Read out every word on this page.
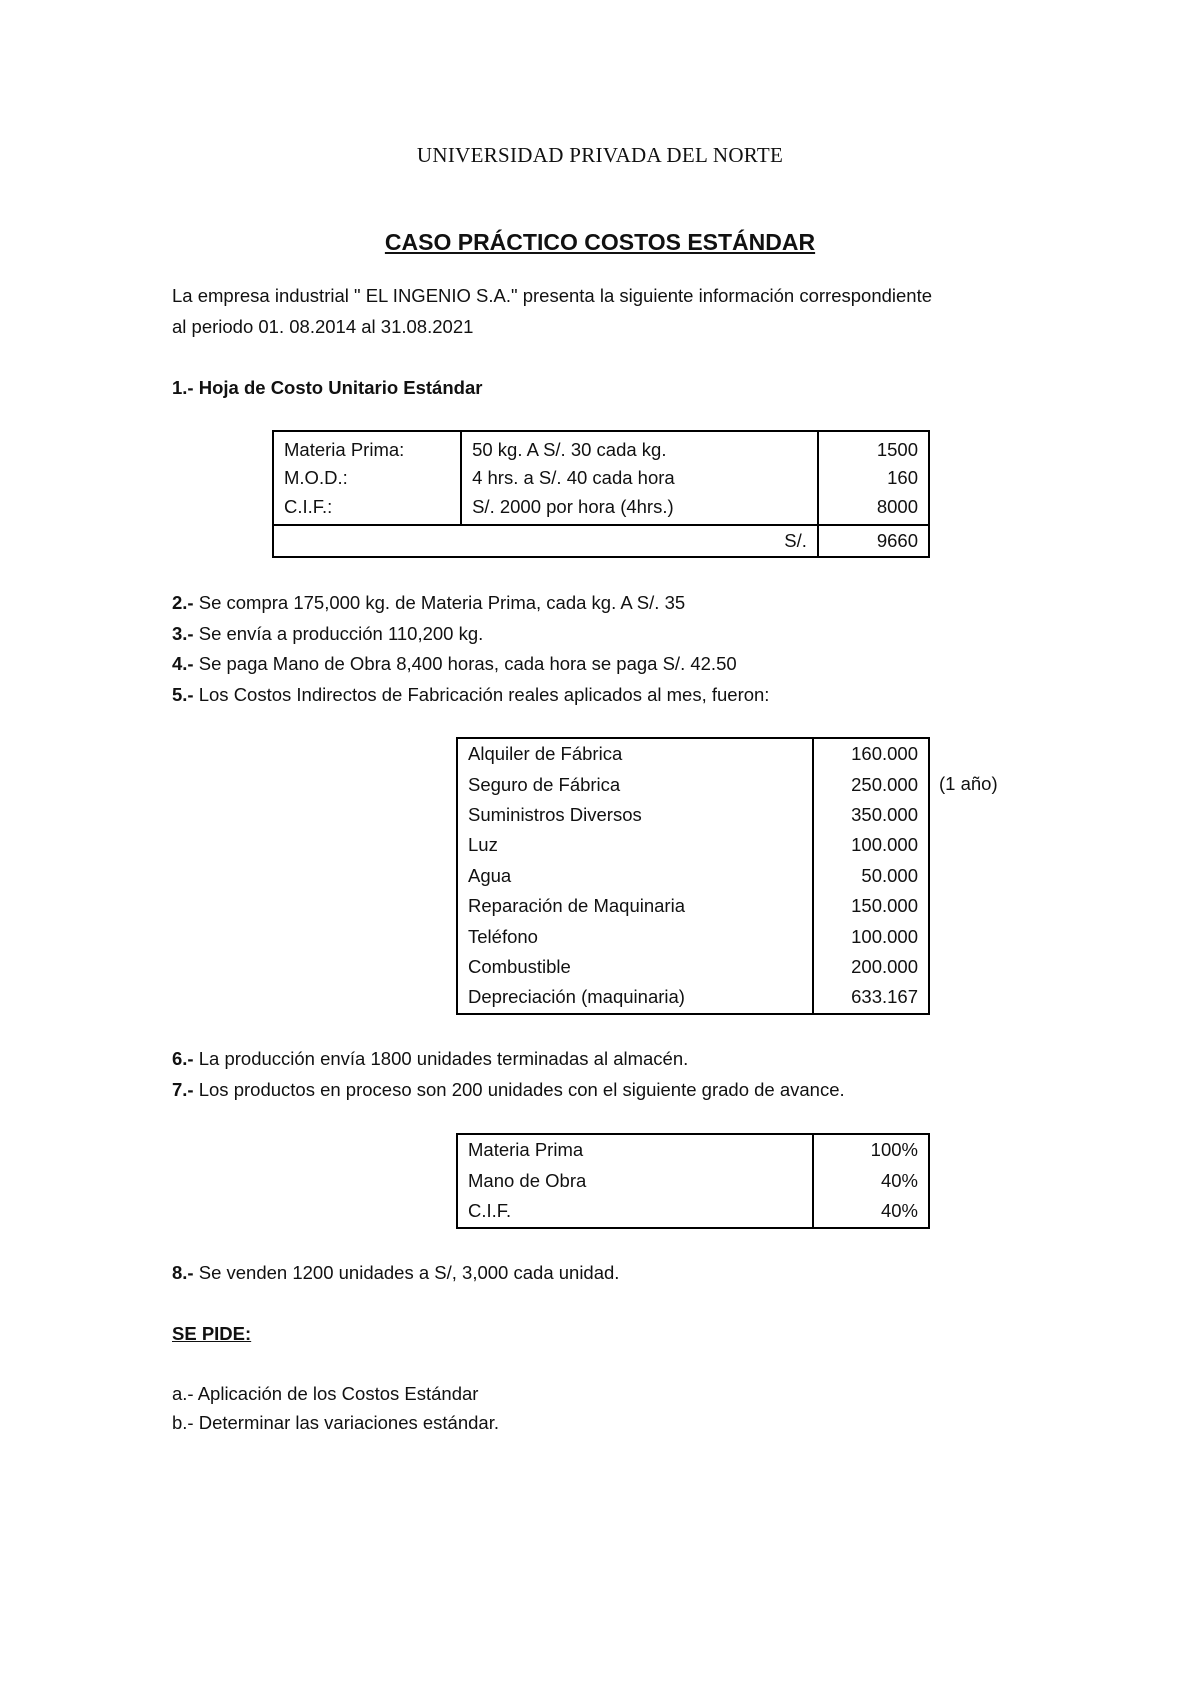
UNIVERSIDAD PRIVADA DEL NORTE
CASO PRÁCTICO COSTOS ESTÁNDAR
La empresa industrial " EL INGENIO S.A." presenta la siguiente información correspondiente
al periodo 01. 08.2014 al 31.08.2021
1.- Hoja de Costo Unitario Estándar
Materia Prima:	50 kg. A S/. 30 cada kg.	1500
M.O.D.:	4 hrs. a S/. 40 cada hora	160
C.I.F.:	S/. 2000 por hora (4hrs.)	8000
S/.		9660
2.- Se compra 175,000 kg. de Materia Prima, cada kg. A S/. 35
3.- Se envía a producción 110,200 kg.
4.- Se paga Mano de Obra 8,400 horas, cada hora se paga S/. 42.50
5.- Los Costos Indirectos de Fabricación reales aplicados al mes, fueron:
Alquiler de Fábrica	160.000
Seguro de Fábrica	250.000
Suministros Diversos	350.000
Luz	100.000
Agua	50.000
Reparación de Maquinaria	150.000
Teléfono	100.000
Combustible	200.000
Depreciación (maquinaria)	633.167
(1 año)
6.- La producción envía 1800 unidades terminadas al almacén.
7.- Los productos en proceso son 200 unidades con el siguiente grado de avance.
Materia Prima	100%
Mano de Obra	40%
C.I.F.	40%
8.- Se venden 1200 unidades a S/, 3,000 cada unidad.
SE PIDE:
a.- Aplicación de los Costos Estándar
b.- Determinar las variaciones estándar.
